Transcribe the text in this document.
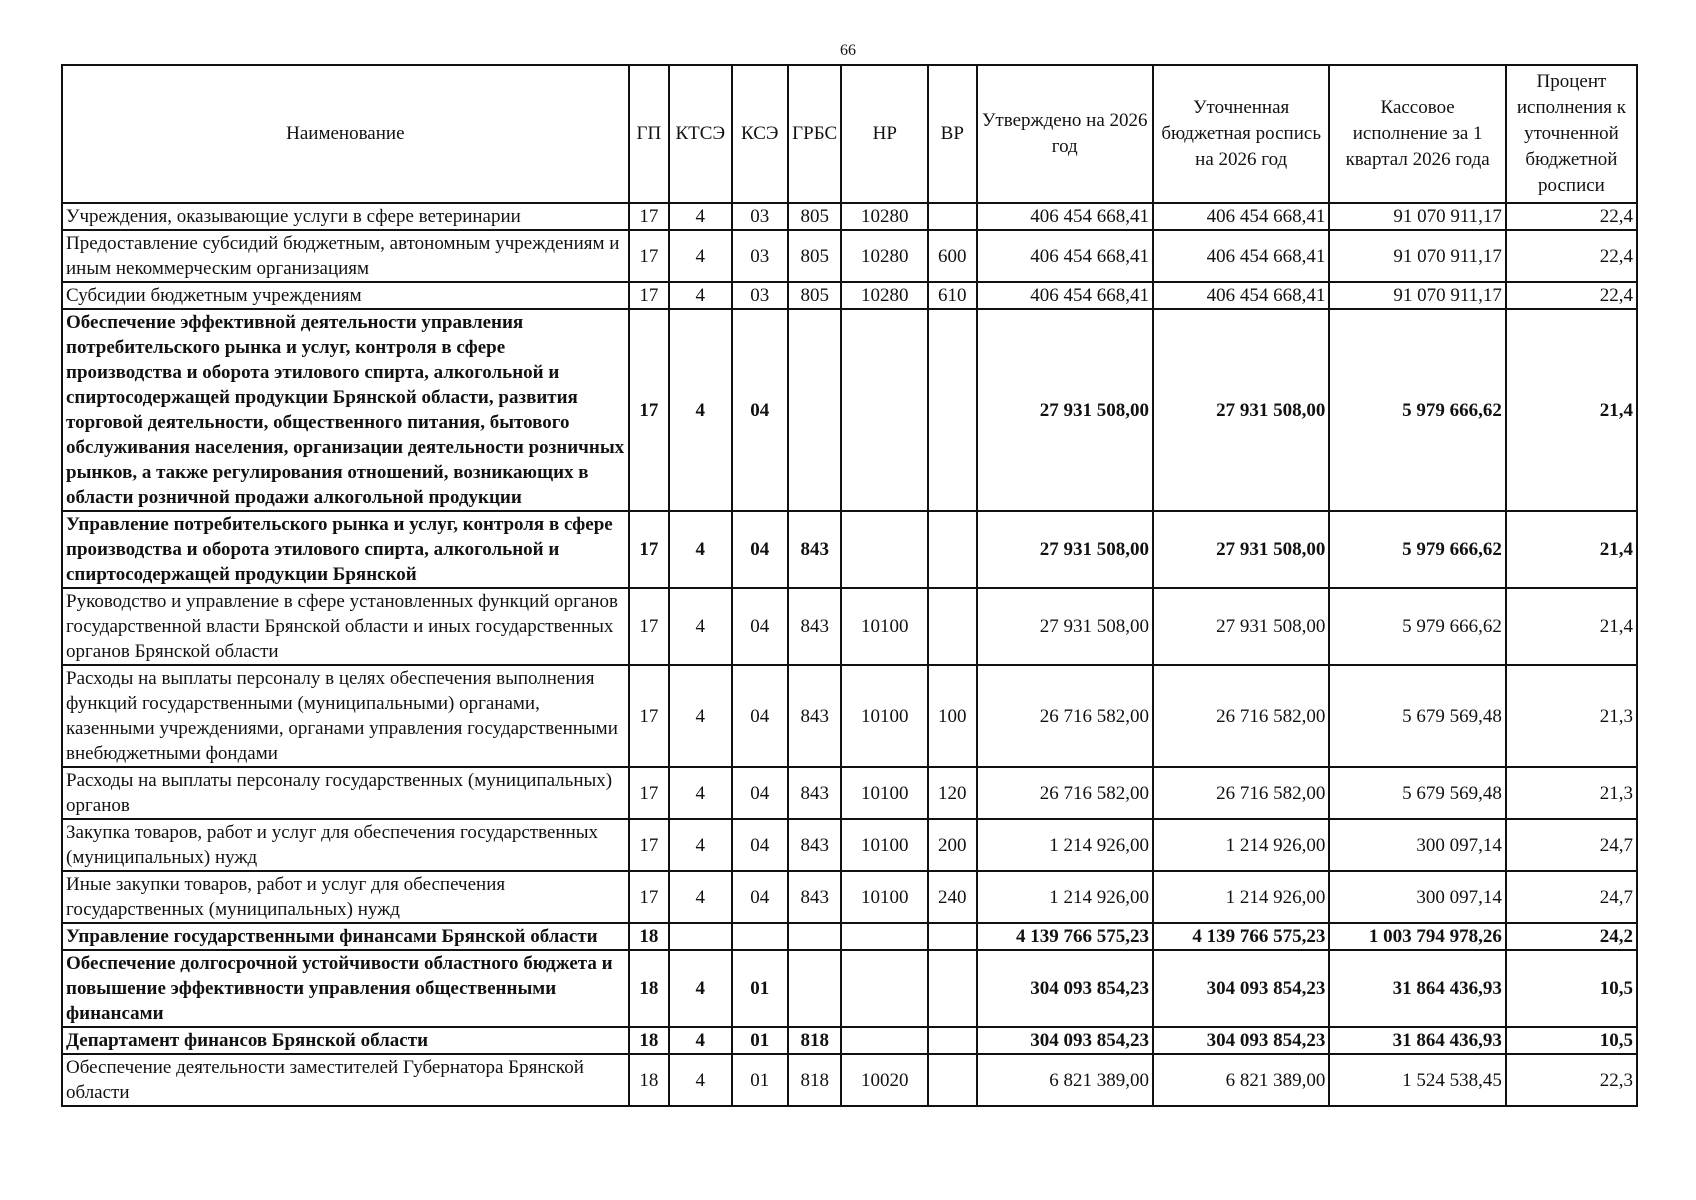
66
Наименование	ГП	КТСЭ	КСЭ	ГРБС	НР	ВР	Утверждено на 2026 год	Уточненная бюджетная роспись на 2026 год	Кассовое исполнение за 1 квартал 2026 года	Процент исполнения к уточненной бюджетной росписи
Учреждения, оказывающие услуги в сфере ветеринарии	17	4	03	805	10280		406 454 668,41	406 454 668,41	91 070 911,17	22,4
Предоставление субсидий бюджетным, автономным учреждениям и иным некоммерческим организациям	17	4	03	805	10280	600	406 454 668,41	406 454 668,41	91 070 911,17	22,4
Субсидии бюджетным учреждениям	17	4	03	805	10280	610	406 454 668,41	406 454 668,41	91 070 911,17	22,4
Обеспечение эффективной деятельности управления потребительского рынка и услуг, контроля в сфере производства и оборота этилового спирта, алкогольной и спиртосодержащей продукции Брянской области, развития торговой деятельности, общественного питания, бытового обслуживания населения, организации деятельности розничных рынков, а также регулирования отношений, возникающих в области розничной продажи алкогольной продукции	17	4	04				27 931 508,00	27 931 508,00	5 979 666,62	21,4
Управление потребительского рынка и услуг, контроля в сфере производства и оборота этилового спирта, алкогольной и спиртосодержащей продукции Брянской	17	4	04	843			27 931 508,00	27 931 508,00	5 979 666,62	21,4
Руководство и управление в сфере установленных функций органов государственной власти Брянской области и иных государственных органов Брянской области	17	4	04	843	10100		27 931 508,00	27 931 508,00	5 979 666,62	21,4
Расходы на выплаты персоналу в целях обеспечения выполнения функций государственными (муниципальными) органами, казенными учреждениями, органами управления государственными внебюджетными фондами	17	4	04	843	10100	100	26 716 582,00	26 716 582,00	5 679 569,48	21,3
Расходы на выплаты персоналу государственных (муниципальных) органов	17	4	04	843	10100	120	26 716 582,00	26 716 582,00	5 679 569,48	21,3
Закупка товаров, работ и услуг для обеспечения государственных (муниципальных) нужд	17	4	04	843	10100	200	1 214 926,00	1 214 926,00	300 097,14	24,7
Иные закупки товаров, работ и услуг для обеспечения государственных (муниципальных) нужд	17	4	04	843	10100	240	1 214 926,00	1 214 926,00	300 097,14	24,7
Управление государственными финансами Брянской области	18						4 139 766 575,23	4 139 766 575,23	1 003 794 978,26	24,2
Обеспечение долгосрочной устойчивости областного бюджета и повышение эффективности управления общественными финансами	18	4	01				304 093 854,23	304 093 854,23	31 864 436,93	10,5
Департамент финансов Брянской области	18	4	01	818			304 093 854,23	304 093 854,23	31 864 436,93	10,5
Обеспечение деятельности заместителей Губернатора Брянской области	18	4	01	818	10020		6 821 389,00	6 821 389,00	1 524 538,45	22,3
